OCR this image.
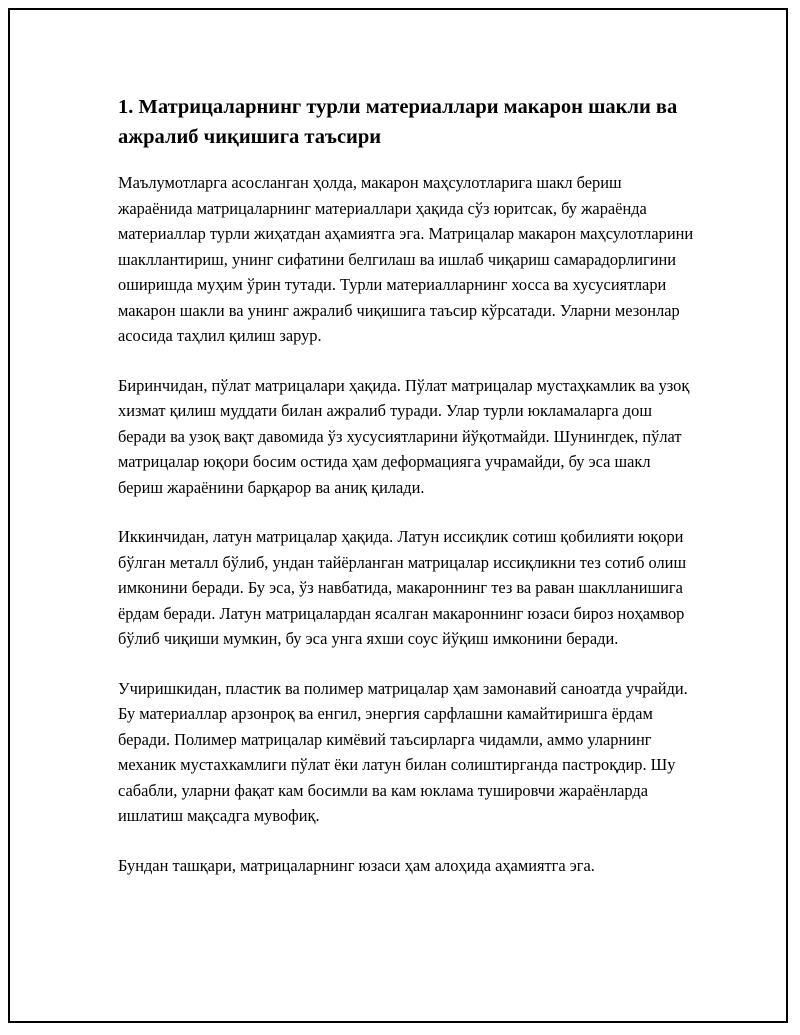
1. Матрицаларнинг турли материаллари макарон шакли ва ажралиб чиқишига таъсири

Маълумотларга асосланган ҳолда, макарон маҳсулотларига шакл бериш жараёнида матрицаларнинг материаллари ҳақида сўз юритсак, бу жараёнда материаллар турли жиҳатдан аҳамиятга эга. Матрицалар макарон маҳсулотларини шакллантириш, унинг сифатини белгилаш ва ишлаб чиқариш самарадорлигини оширишда муҳим ўрин тутади. Турли материалларнинг хосса ва хусусиятлари макарон шакли ва унинг ажралиб чиқишига таъсир кўрсатади. Уларни мезонлар асосида таҳлил қилиш зарур.

Биринчидан, пўлат матрицалари ҳақида. Пўлат матрицалар мустаҳкамлик ва узоқ хизмат қилиш муддати билан ажралиб туради. Улар турли юкламаларга дош беради ва узоқ вақт давомида ўз хусусиятларини йўқотмайди. Шунингдек, пўлат матрицалар юқори босим остида ҳам деформацияга учрамайди, бу эса шакл бериш жараёнини барқарор ва аниқ қилади.

Иккинчидан, латун матрицалар ҳақида. Латун иссиқлик сотиш қобилияти юқори бўлган металл бўлиб, ундан тайёрланган матрицалар иссиқликни тез сотиб олиш имконини беради. Бу эса, ўз навбатида, макароннинг тез ва раван шаклланишига ёрдам беради. Латун матрицалардан ясалган макароннинг юзаси бироз ноҳамвор бўлиб чиқиши мумкин, бу эса унга яхши соус йўқиш имконини беради.

Учиришкидан, пластик ва полимер матрицалар ҳам замонавий саноатда учрайди. Бу материаллар арзонроқ ва енгил, энергия сарфлашни камайтиришга ёрдам беради. Полимер матрицалар кимёвий таъсирларга чидамли, аммо уларнинг механик мустахкамлиги пўлат ёки латун билан солиштирганда пастроқдир. Шу сабабли, уларни фақат кам босимли ва кам юклама тушировчи жараёнларда ишлатиш мақсадга мувофиқ.

Бундан ташқари, матрицаларнинг юзаси ҳам алоҳида аҳамиятга эга.
